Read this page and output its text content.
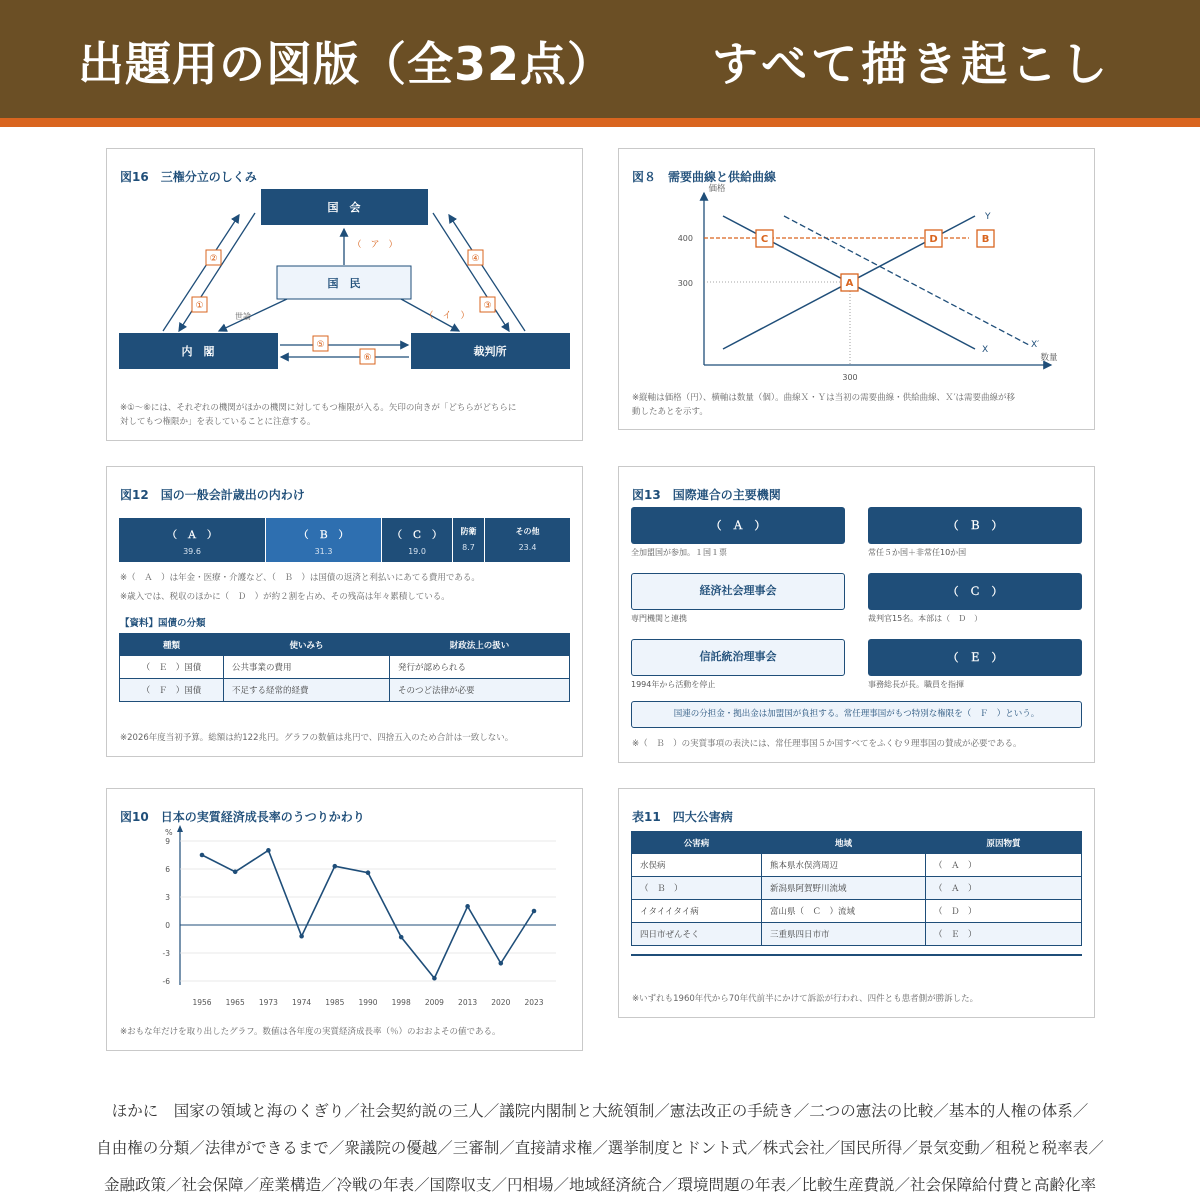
出題用の図版（全32点） すべて描き起こし
図16　三権分立のしくみ
国　会
国　民
内　閣	裁判所
（　ア　）
世論	（　イ　）
②
①
④
③
⑤
⑥
※①～⑥には、それぞれの機関がほかの機関に対してもつ権限が入る。矢印の向きが「どちらがどちらに
対してもつ権限か」を表していることに注意する。
図８　需要曲線と供給曲線
価格
数量
400
300
300
Y
X	X′
C	D	B
A
※縦軸は価格（円）、横軸は数量（個）。曲線Ｘ・Ｙは当初の需要曲線・供給曲線、Ｘ′は需要曲線が移
動したあとを示す。
図12　国の一般会計歳出の内わけ
（　Ａ　）
39.6
（　Ｂ　）
31.3
（　Ｃ　）
19.0
防衛
8.7
その他
23.4
※（　Ａ　）は年金・医療・介護など、（　Ｂ　）は国債の返済と利払いにあてる費用である。
※歳入では、税収のほかに（　Ｄ　）が約２割を占め、その残高は年々累積している。
【資料】国債の分類
種類	使いみち	財政法上の扱い
（　Ｅ　）国債	公共事業の費用	発行が認められる
（　Ｆ　）国債	不足する経常的経費	そのつど法律が必要
※2026年度当初予算。総額は約122兆円。グラフの数値は兆円で、四捨五入のため合計は一致しない。
図13　国際連合の主要機関
（　Ａ　）
全加盟国が参加。１国１票
（　Ｂ　）
常任５か国＋非常任10か国
経済社会理事会
専門機関と連携
（　Ｃ　）
裁判官15名。本部は（　Ｄ　）
信託統治理事会
1994年から活動を停止
（　Ｅ　）
事務総長が長。職員を指揮
国連の分担金・拠出金は加盟国が負担する。常任理事国がもつ特別な権限を（　Ｆ　）という。
※（　Ｂ　）の実質事項の表決には、常任理事国５か国すべてをふくむ９理事国の賛成が必要である。
図10　日本の実質経済成長率のうつりかわり
%
9
6
3
0
-3
-6
1956 1965 1973 1974 1985 1990 1998 2009 2013 2020 2023
※おもな年だけを取り出したグラフ。数値は各年度の実質経済成長率（％）のおおよその値である。
表11　四大公害病
公害病	地域	原因物質
水俣病	熊本県水俣湾周辺	（　Ａ　）
（　Ｂ　）	新潟県阿賀野川流域	（　Ａ　）
イタイイタイ病	富山県（　Ｃ　）流域	（　Ｄ　）
四日市ぜんそく	三重県四日市市	（　Ｅ　）
※いずれも1960年代から70年代前半にかけて訴訟が行われ、四件とも患者側が勝訴した。
ほかに　国家の領域と海のくぎり／社会契約説の三人／議院内閣制と大統領制／憲法改正の手続き／二つの憲法の比較／基本的人権の体系／
自由権の分類／法律ができるまで／衆議院の優越／三審制／直接請求権／選挙制度とドント式／株式会社／国民所得／景気変動／租税と税率表／
金融政策／社会保障／産業構造／冷戦の年表／国際収支／円相場／地域経済統合／環境問題の年表／比較生産費説／社会保障給付費と高齢化率
